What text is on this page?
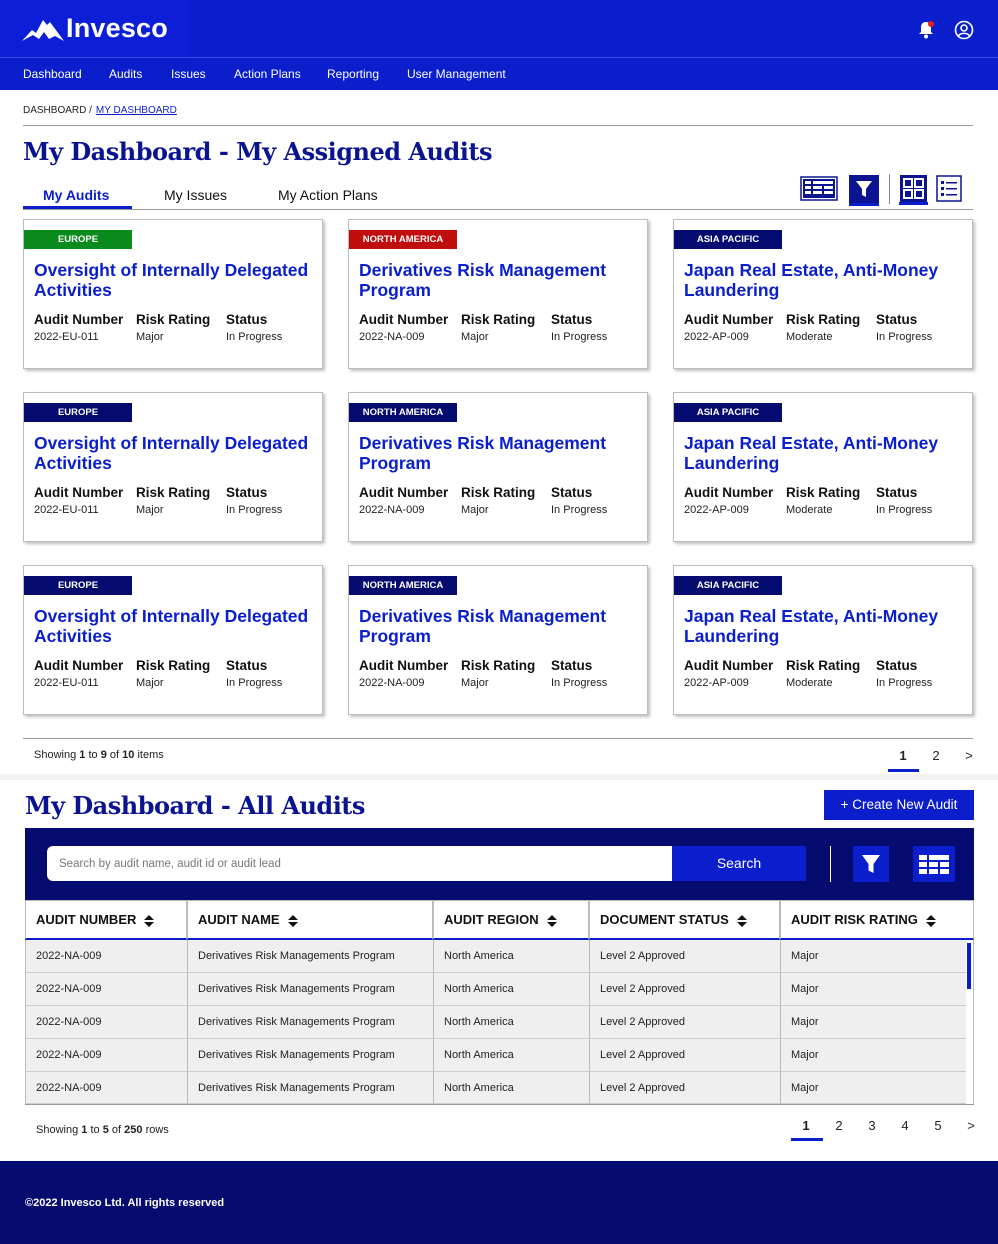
Invesco
Dashboard Audits Issues Action Plans Reporting User Management
DASHBOARD / MY DASHBOARD
My Dashboard - My Assigned Audits
My Audits	My Issues	My Action Plans
EUROPE
Oversight of Internally Delegated Activities
Audit Number
2022-EU-011
Risk Rating
Major
Status
In Progress
NORTH AMERICA
Derivatives Risk Management Program
Audit Number
2022-NA-009
Risk Rating
Major
Status
In Progress
ASIA PACIFIC
Japan Real Estate, Anti-Money Laundering
Audit Number
2022-AP-009
Risk Rating
Moderate
Status
In Progress
EUROPE
Oversight of Internally Delegated Activities
Audit Number
2022-EU-011
Risk Rating
Major
Status
In Progress
NORTH AMERICA
Derivatives Risk Management Program
Audit Number
2022-NA-009
Risk Rating
Major
Status
In Progress
ASIA PACIFIC
Japan Real Estate, Anti-Money Laundering
Audit Number
2022-AP-009
Risk Rating
Moderate
Status
In Progress
EUROPE
Oversight of Internally Delegated Activities
Audit Number
2022-EU-011
Risk Rating
Major
Status
In Progress
NORTH AMERICA
Derivatives Risk Management Program
Audit Number
2022-NA-009
Risk Rating
Major
Status
In Progress
ASIA PACIFIC
Japan Real Estate, Anti-Money Laundering
Audit Number
2022-AP-009
Risk Rating
Moderate
Status
In Progress
Showing 1 to 9 of 10 items	1	2	>
My Dashboard - All Audits	+ Create New Audit
Search by audit name, audit id or audit lead
Search
AUDIT NUMBER	AUDIT NAME	AUDIT REGION	DOCUMENT STATUS	AUDIT RISK RATING
2022-NA-009	Derivatives Risk Managements Program	North America	Level 2 Approved	Major
2022-NA-009	Derivatives Risk Managements Program	North America	Level 2 Approved	Major
2022-NA-009	Derivatives Risk Managements Program	North America	Level 2 Approved	Major
2022-NA-009	Derivatives Risk Managements Program	North America	Level 2 Approved	Major
2022-NA-009	Derivatives Risk Managements Program	North America	Level 2 Approved	Major
Showing 1 to 5 of 250 rows	1	2	3	4	5	>
©2022 Invesco Ltd. All rights reserved
